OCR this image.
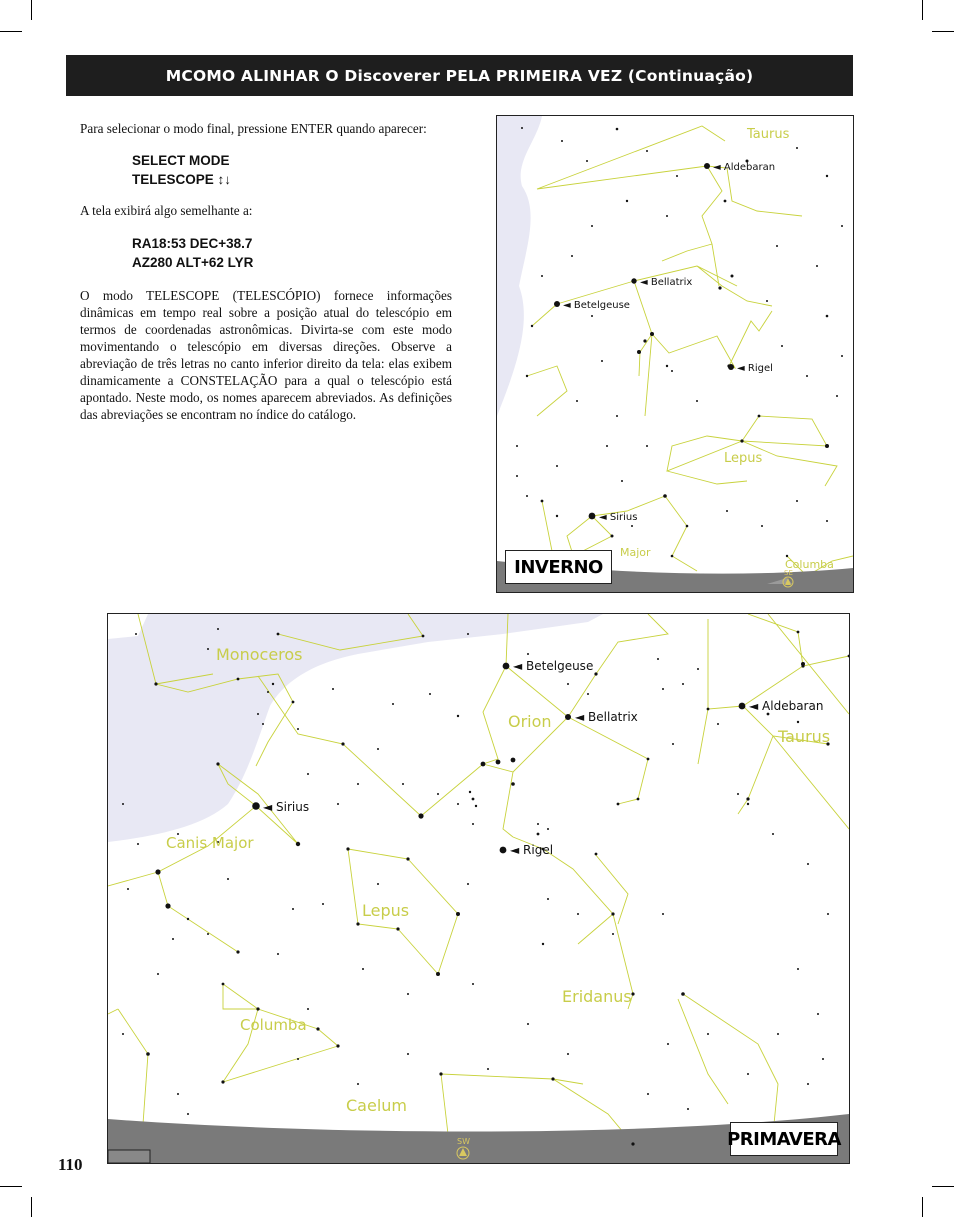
MCOMO ALINHAR O Discoverer PELA PRIMEIRA VEZ (Continuação)

Para selecionar o modo final, pressione ENTER quando aparecer:

SELECT MODE
TELESCOPE ↕↓

A tela exibirá algo semelhante a:

RA18:53 DEC+38.7
AZ280 ALT+62 LYR

O modo TELESCOPE (TELESCÓPIO) fornece informações dinâmicas em tempo real sobre a posição atual do telescópio em termos de coordenadas astronômicas. Divirta-se com este modo movimentando o telescópio em diversas direções. Observe a abreviação de três letras no canto inferior direito da tela: elas exibem dinamicamente a CONSTELAÇÃO para a qual o telescópio está apontado. Neste modo, os nomes aparecem abreviados. As definições das abreviações se encontram no índice do catálogo.

Taurus
Lepus
Major
Columba
◄ Aldebaran
◄ Bellatrix
◄ Betelgeuse
◄ Rigel
◄ Sirius
SE
INVERNO
Monoceros
Orion
Taurus
Canis Major
Lepus
Eridanus
Columba
Caelum
◄ Betelgeuse
◄ Bellatrix
◄ Aldebaran
◄ Sirius
◄ Rigel
SW	PRIMAVERA
110
